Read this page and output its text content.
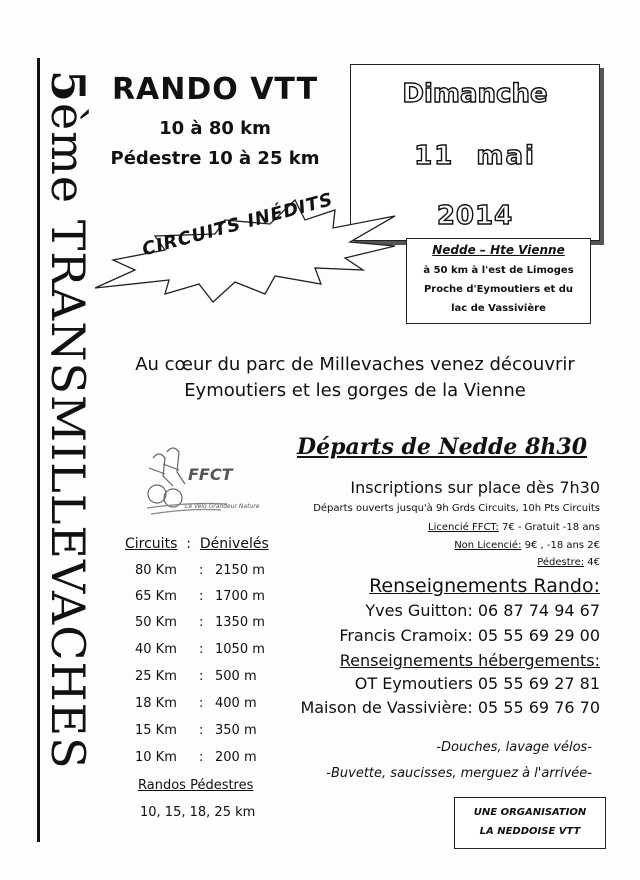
5ème TRANSMILLEVACHES
RANDO VTT
10 à 80 km
Pédestre 10 à 25 km
Dimanche
11  mai
2014
Nedde – Hte Vienne
à 50 km à l'est de Limoges
Proche d'Eymoutiers et du
lac de Vassivière
CIRCUITS INÉDITS
Au cœur du parc de Millevaches venez découvrir
Eymoutiers et les gorges de la Vienne
FFCT
Le Vélo Grandeur Nature
Circuits : Dénivelés
80 Km : 2150 m
65 Km : 1700 m
50 Km : 1350 m
40 Km : 1050 m
25 Km : 500 m
18 Km : 400 m
15 Km : 350 m
10 Km : 200 m
Randos Pédestres
10, 15, 18, 25 km
Départs de Nedde 8h30
Inscriptions sur place dès 7h30
Départs ouverts jusqu'à 9h Grds Circuits, 10h Pts Circuits
Licencié FFCT: 7€ - Gratuit -18 ans
Non Licencié: 9€ , -18 ans 2€
Pédestre: 4€
Renseignements Rando:
Yves Guitton: 06 87 74 94 67
Francis Cramoix: 05 55 69 29 00
Renseignements hébergements:
OT Eymoutiers 05 55 69 27 81
Maison de Vassivière: 05 55 69 76 70
-Douches, lavage vélos-
-Buvette, saucisses, merguez à l'arrivée-
UNE ORGANISATION
LA NEDDOISE VTT
